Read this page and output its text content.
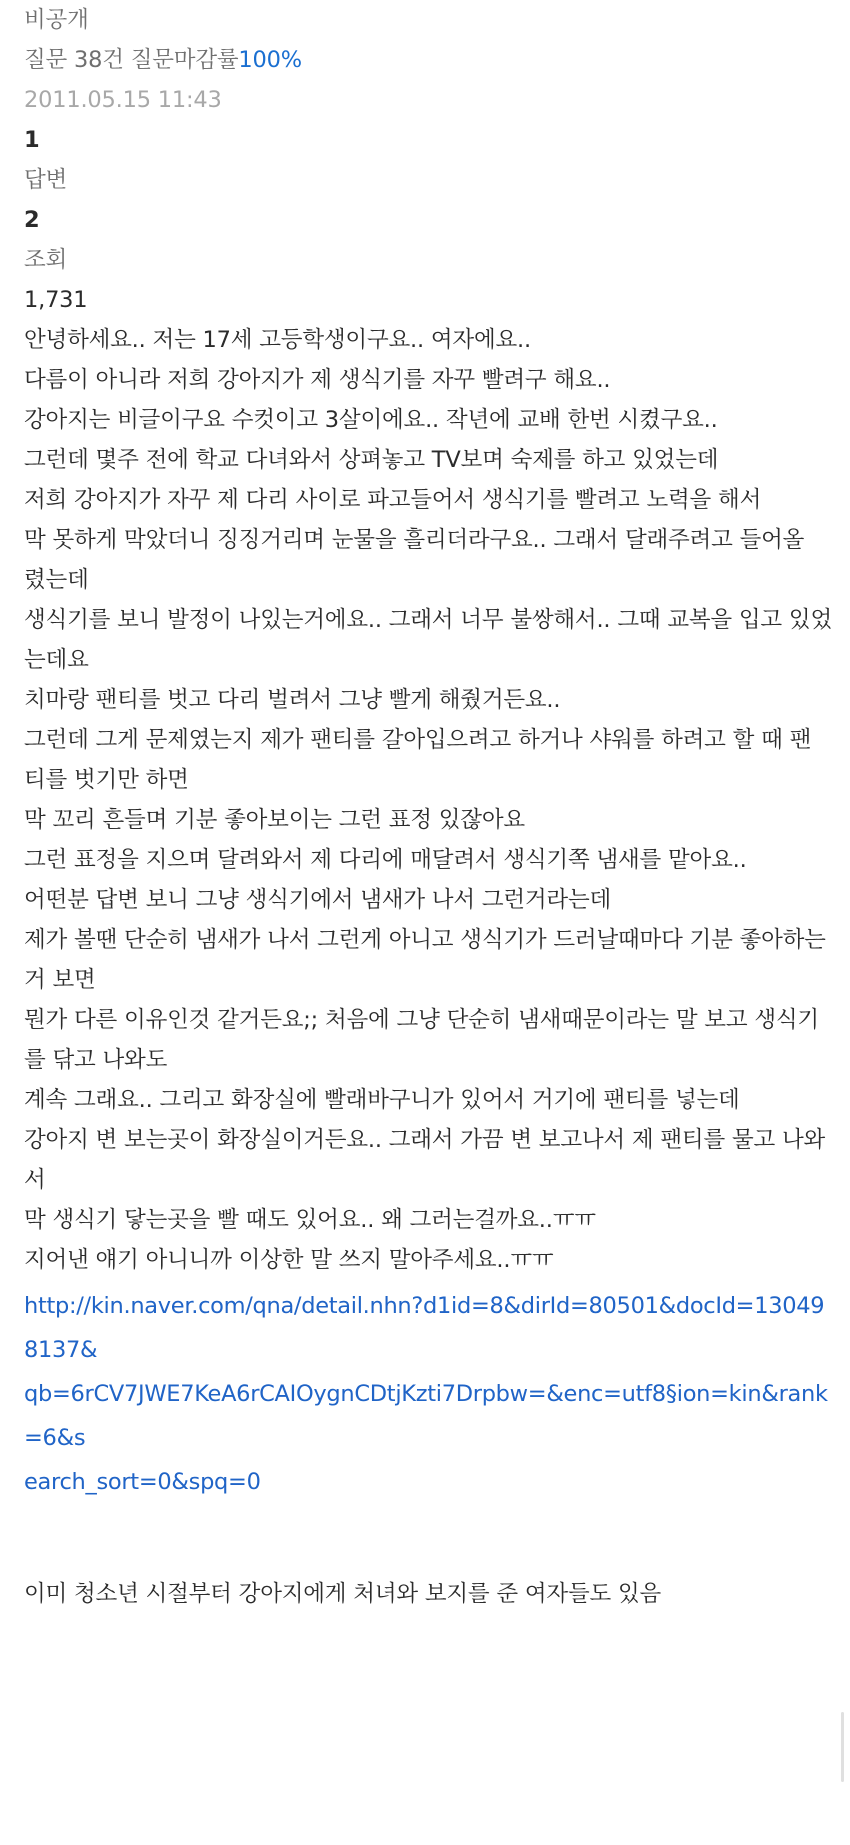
비공개
질문 38건 질문마감률100%
2011.05.15 11:43
1
답변
2
조회
1,731
안녕하세요.. 저는 17세 고등학생이구요.. 여자에요..
다름이 아니라 저희 강아지가 제 생식기를 자꾸 빨려구 해요..
강아지는 비글이구요 수컷이고 3살이에요.. 작년에 교배 한번 시켰구요..
그런데 몇주 전에 학교 다녀와서 상펴놓고 TV보며 숙제를 하고 있었는데
저희 강아지가 자꾸 제 다리 사이로 파고들어서 생식기를 빨려고 노력을 해서
막 못하게 막았더니 징징거리며 눈물을 흘리더라구요.. 그래서 달래주려고 들어올
렸는데
생식기를 보니 발정이 나있는거에요.. 그래서 너무 불쌍해서.. 그때 교복을 입고 있었
는데요
치마랑 팬티를 벗고 다리 벌려서 그냥 빨게 해줬거든요..
그런데 그게 문제였는지 제가 팬티를 갈아입으려고 하거나 샤워를 하려고 할 때 팬
티를 벗기만 하면
막 꼬리 흔들며 기분 좋아보이는 그런 표정 있잖아요
그런 표정을 지으며 달려와서 제 다리에 매달려서 생식기쪽 냄새를 맡아요..
어떤분 답변 보니 그냥 생식기에서 냄새가 나서 그런거라는데
제가 볼땐 단순히 냄새가 나서 그런게 아니고 생식기가 드러날때마다 기분 좋아하는
거 보면
뭔가 다른 이유인것 같거든요;; 처음에 그냥 단순히 냄새때문이라는 말 보고 생식기
를 닦고 나와도
계속 그래요.. 그리고 화장실에 빨래바구니가 있어서 거기에 팬티를 넣는데
강아지 변 보는곳이 화장실이거든요.. 그래서 가끔 변 보고나서 제 팬티를 물고 나와
서
막 생식기 닿는곳을 빨 때도 있어요.. 왜 그러는걸까요..ㅠㅠ
지어낸 얘기 아니니까 이상한 말 쓰지 말아주세요..ㅠㅠ
http://kin.naver.com/qna/detail.nhn?d1id=8&dirId=80501&docId=130498137&
qb=6rCV7JWE7KeA6rCAIOygnCDtjKzti7Drpbw=&enc=utf8§ion=kin&rank=6&s
earch_sort=0&spq=0
이미 청소년 시절부터 강아지에게 처녀와 보지를 준 여자들도 있음
